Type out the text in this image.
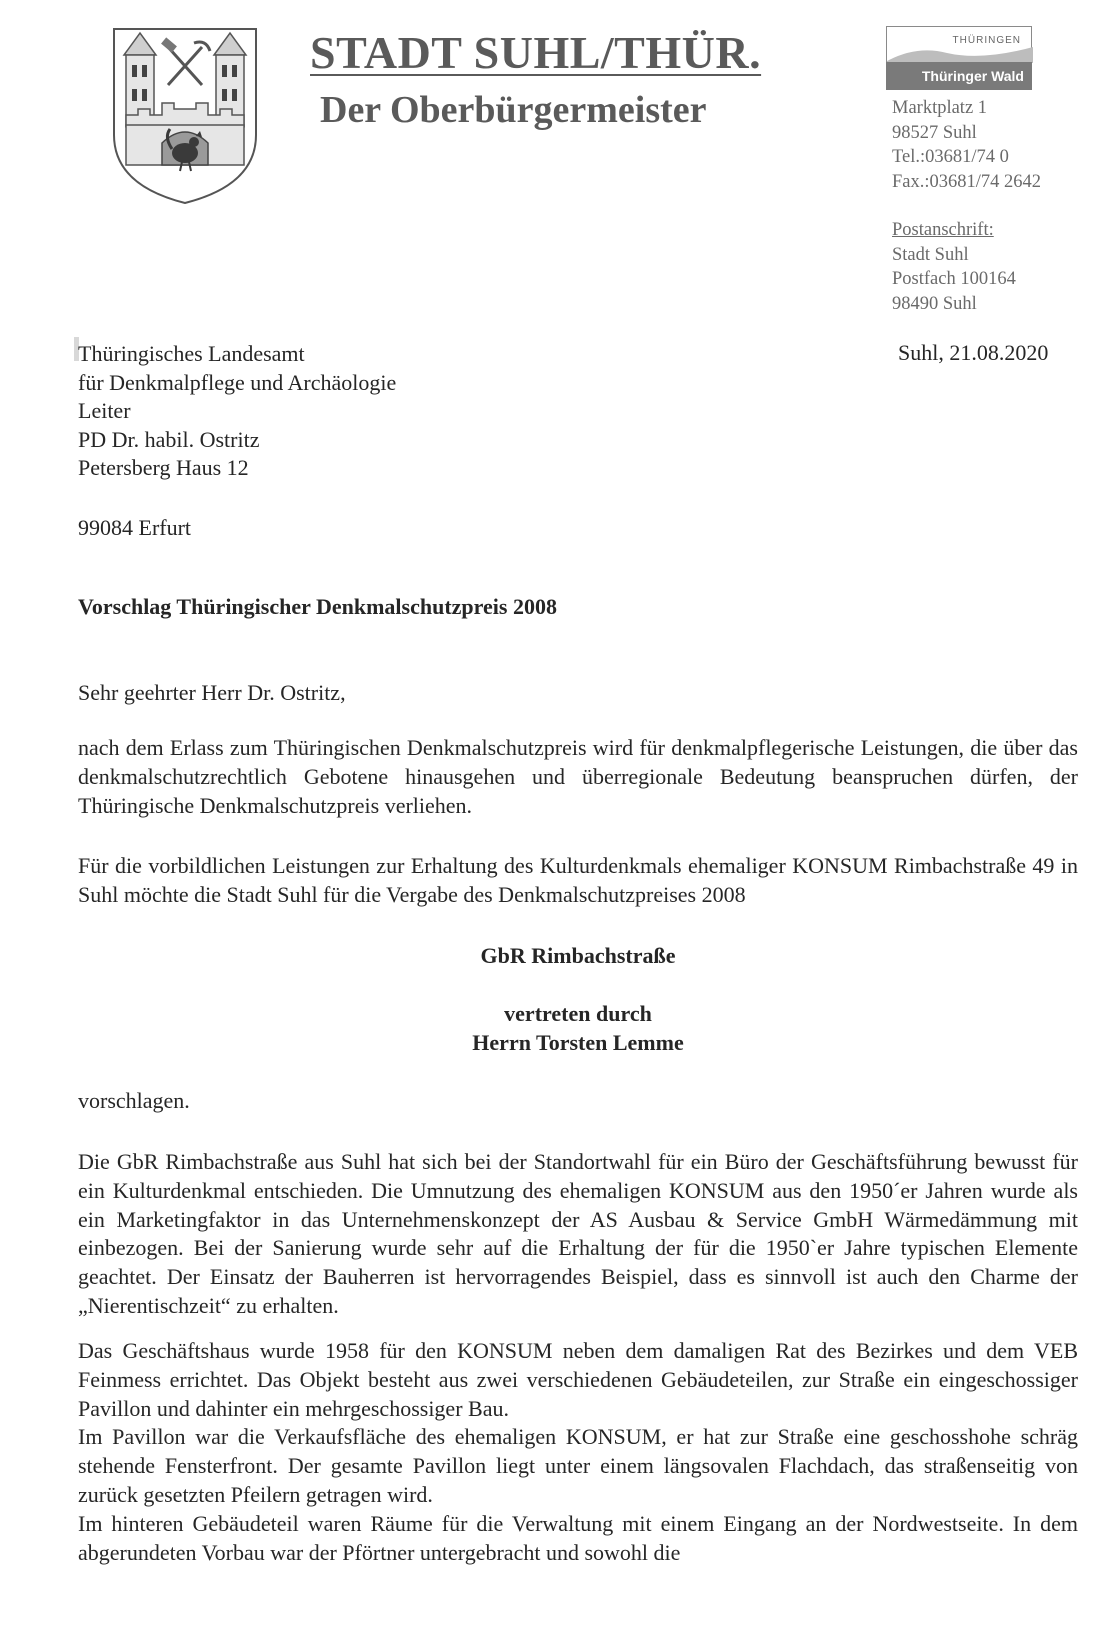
STADT SUHL/THÜR.
Der Oberbürgermeister
THÜRINGEN
Thüringer Wald
Marktplatz 1
98527 Suhl
Tel.:03681/74 0
Fax.:03681/74 2642
Postanschrift:
Stadt Suhl
Postfach 100164
98490 Suhl
Thüringisches Landesamt
für Denkmalpflege und Archäologie
Leiter
PD Dr. habil. Ostritz
Petersberg Haus 12
99084 Erfurt
Suhl, 21.08.2020
Vorschlag Thüringischer Denkmalschutzpreis 2008
Sehr geehrter Herr Dr. Ostritz,
nach dem Erlass zum Thüringischen Denkmalschutzpreis wird für denkmalpflegerische Leistungen, die über das denkmalschutzrechtlich Gebotene hinausgehen und überregionale Bedeutung beanspruchen dürfen, der Thüringische Denkmalschutzpreis verliehen.
Für die vorbildlichen Leistungen zur Erhaltung des Kulturdenkmals ehemaliger KONSUM Rimbachstraße 49 in Suhl möchte die Stadt Suhl für die Vergabe des Denkmalschutzpreises 2008
GbR Rimbachstraße
vertreten durch
Herrn Torsten Lemme
vorschlagen.
Die GbR Rimbachstraße aus Suhl hat sich bei der Standortwahl für ein Büro der Geschäftsführung bewusst für ein Kulturdenkmal entschieden. Die Umnutzung des ehemaligen KONSUM aus den 1950´er Jahren wurde als ein Marketingfaktor in das Unternehmenskonzept der AS Ausbau & Service GmbH Wärmedämmung mit einbezogen. Bei der Sanierung wurde sehr auf die Erhaltung der für die 1950`er Jahre typischen Elemente geachtet. Der Einsatz der Bauherren ist hervorragendes Beispiel, dass es sinnvoll ist auch den Charme der „Nierentischzeit“ zu erhalten.
Das Geschäftshaus wurde 1958 für den KONSUM neben dem damaligen Rat des Bezirkes und dem VEB Feinmess errichtet. Das Objekt besteht aus zwei verschiedenen Gebäudeteilen, zur Straße ein eingeschossiger Pavillon und dahinter ein mehrgeschossiger Bau.
Im Pavillon war die Verkaufsfläche des ehemaligen KONSUM, er hat zur Straße eine geschosshohe schräg stehende Fensterfront. Der gesamte Pavillon liegt unter einem längsovalen Flachdach, das straßenseitig von zurück gesetzten Pfeilern getragen wird.
Im hinteren Gebäudeteil waren Räume für die Verwaltung mit einem Eingang an der Nordwestseite. In dem abgerundeten Vorbau war der Pförtner untergebracht und sowohl die
